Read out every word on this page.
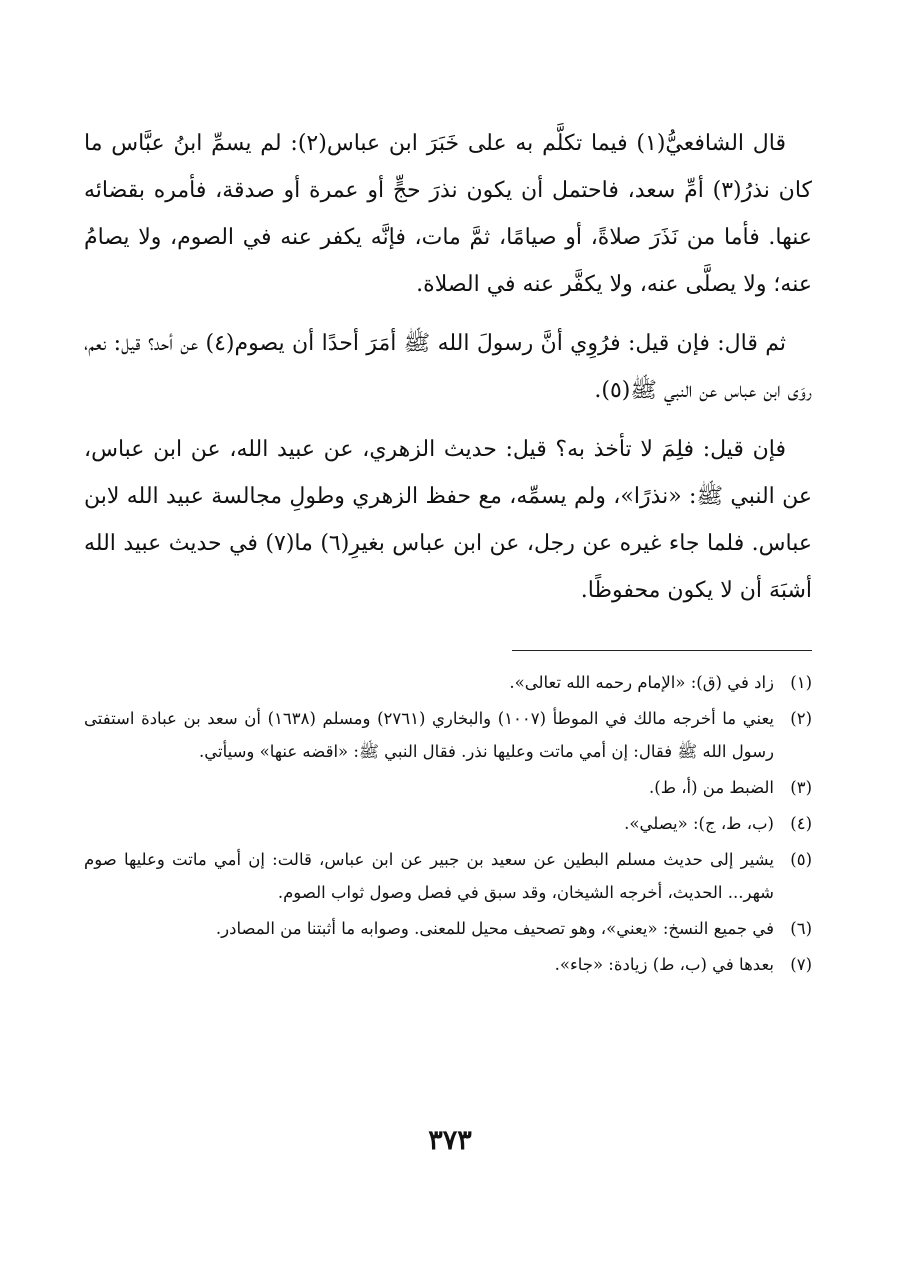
قال الشافعيُّ(١) فيما تكلَّم به على خَبَرَ ابن عباس(٢): لم يسمِّ ابنُ عبَّاس ما كان نذرُ(٣) أمِّ سعد، فاحتمل أن يكون نذرَ حجٍّ أو عمرة أو صدقة، فأمره بقضائه عنها. فأما من نَذَرَ صلاةً، أو صيامًا، ثمَّ مات، فإنَّه يكفر عنه في الصوم، ولا يصامُ عنه؛ ولا يصلَّى عنه، ولا يكفَّر عنه في الصلاة.

ثم قال: فإن قيل: فرُوِي أنَّ رسولَ الله ﷺ أمَرَ أحدًا أن يصوم(٤) عن أحد؟ قيل: نعم، روَى ابن عباس عن النبي ﷺ(٥).

فإن قيل: فلِمَ لا تأخذ به؟ قيل: حديث الزهري، عن عبيد الله، عن ابن عباس، عن النبي ﷺ: «نذرًا»، ولم يسمِّه، مع حفظ الزهري وطولِ مجالسة عبيد الله لابن عباس. فلما جاء غيره عن رجل، عن ابن عباس بغيرِ(٦) ما(٧) في حديث عبيد الله أشبَهَ أن لا يكون محفوظًا.

(١)
زاد في (ق): «الإمام رحمه الله تعالى».
(٢)
يعني ما أخرجه مالك في الموطأ (١٠٠٧) والبخاري (٢٧٦١) ومسلم (١٦٣٨) أن سعد بن عبادة استفتى رسول الله ﷺ فقال: إن أمي ماتت وعليها نذر. فقال النبي ﷺ: «اقضه عنها» وسيأتي.
(٣)
الضبط من (أ، ط).
(٤)
(ب، ط، ج): «يصلي».
(٥)
يشير إلى حديث مسلم البطين عن سعيد بن جبير عن ابن عباس، قالت: إن أمي ماتت وعليها صوم شهر... الحديث، أخرجه الشيخان، وقد سبق في فصل وصول ثواب الصوم.
(٦)
في جميع النسخ: «يعني»، وهو تصحيف محيل للمعنى. وصوابه ما أثبتنا من المصادر.
(٧)
بعدها في (ب، ط) زيادة: «جاء».
٣٧٣
